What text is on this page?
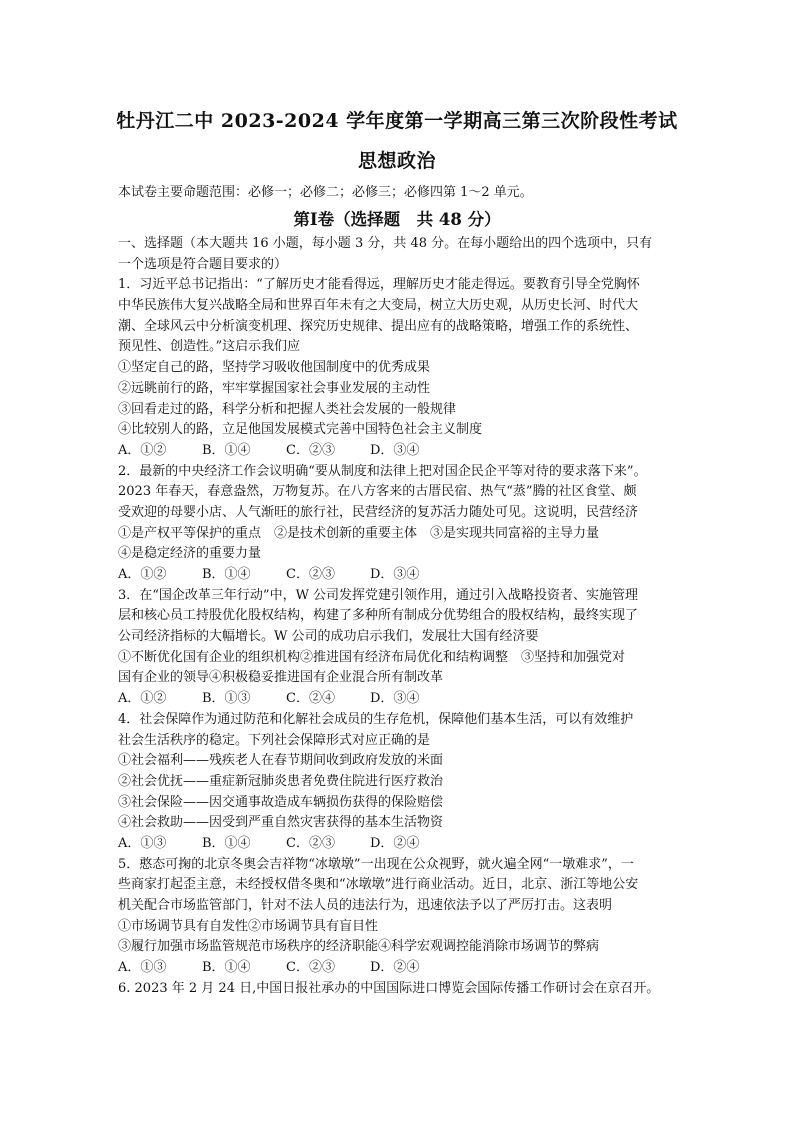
牡丹江二中 2023-2024 学年度第一学期高三第三次阶段性考试
思想政治
本试卷主要命题范围：必修一；必修二；必修三；必修四第 1～2 单元。
第Ⅰ卷（选择题　共 48 分）
一、选择题（本大题共 16 小题，每小题 3 分，共 48 分。在每小题给出的四个选项中，只有
一个选项是符合题目要求的）
1．习近平总书记指出：“了解历史才能看得远，理解历史才能走得远。要教育引导全党胸怀
中华民族伟大复兴战略全局和世界百年未有之大变局，树立大历史观，从历史长河、时代大
潮、全球风云中分析演变机理、探究历史规律、提出应有的战略策略，增强工作的系统性、
预见性、创造性。”这启示我们应
①坚定自己的路，坚持学习吸收他国制度中的优秀成果
②远眺前行的路，牢牢掌握国家社会事业发展的主动性
③回看走过的路，科学分析和把握人类社会发展的一般规律
④比较别人的路，立足他国发展模式完善中国特色社会主义制度
A．①②	B．①④	C．②③	D．③④
2．最新的中央经济工作会议明确“要从制度和法律上把对国企民企平等对待的要求落下来”。
2023 年春天，春意盎然，万物复苏。在八方客来的古厝民宿、热气“蒸”腾的社区食堂、颇
受欢迎的母婴小店、人气渐旺的旅行社，民营经济的复苏活力随处可见。这说明，民营经济
①是产权平等保护的重点　②是技术创新的重要主体　③是实现共同富裕的主导力量
④是稳定经济的重要力量
A．①②	B．①④	C．②③	D．③④
3．在“国企改革三年行动”中，W 公司发挥党建引领作用，通过引入战略投资者、实施管理
层和核心员工持股优化股权结构，构建了多种所有制成分优势组合的股权结构，最终实现了
公司经济指标的大幅增长。W 公司的成功启示我们，发展壮大国有经济要
①不断优化国有企业的组织机构②推进国有经济布局优化和结构调整　③坚持和加强党对
国有企业的领导④积极稳妥推进国有企业混合所有制改革
A．①②	B．①③	C．②④	D．③④
4．社会保障作为通过防范和化解社会成员的生存危机，保障他们基本生活，可以有效维护
社会生活秩序的稳定。下列社会保障形式对应正确的是
①社会福利——残疾老人在春节期间收到政府发放的米面
②社会优抚——重症新冠肺炎患者免费住院进行医疗救治
③社会保险——因交通事故造成车辆损伤获得的保险赔偿
④社会救助——因受到严重自然灾害获得的基本生活物资
A．①③	B．①④	C．②③	D．②④
5．憨态可掬的北京冬奥会吉祥物“冰墩墩”一出现在公众视野，就火遍全网“一墩难求”，一
些商家打起歪主意，未经授权借冬奥和“冰墩墩”进行商业活动。近日，北京、浙江等地公安
机关配合市场监管部门，针对不法人员的违法行为，迅速依法予以了严厉打击。这表明
①市场调节具有自发性②市场调节具有盲目性
③履行加强市场监管规范市场秩序的经济职能④科学宏观调控能消除市场调节的弊病
A．①③	B．①④	C．②③	D．②④
6. 2023 年 2 月 24 日,中国日报社承办的中国国际进口博览会国际传播工作研讨会在京召开。
